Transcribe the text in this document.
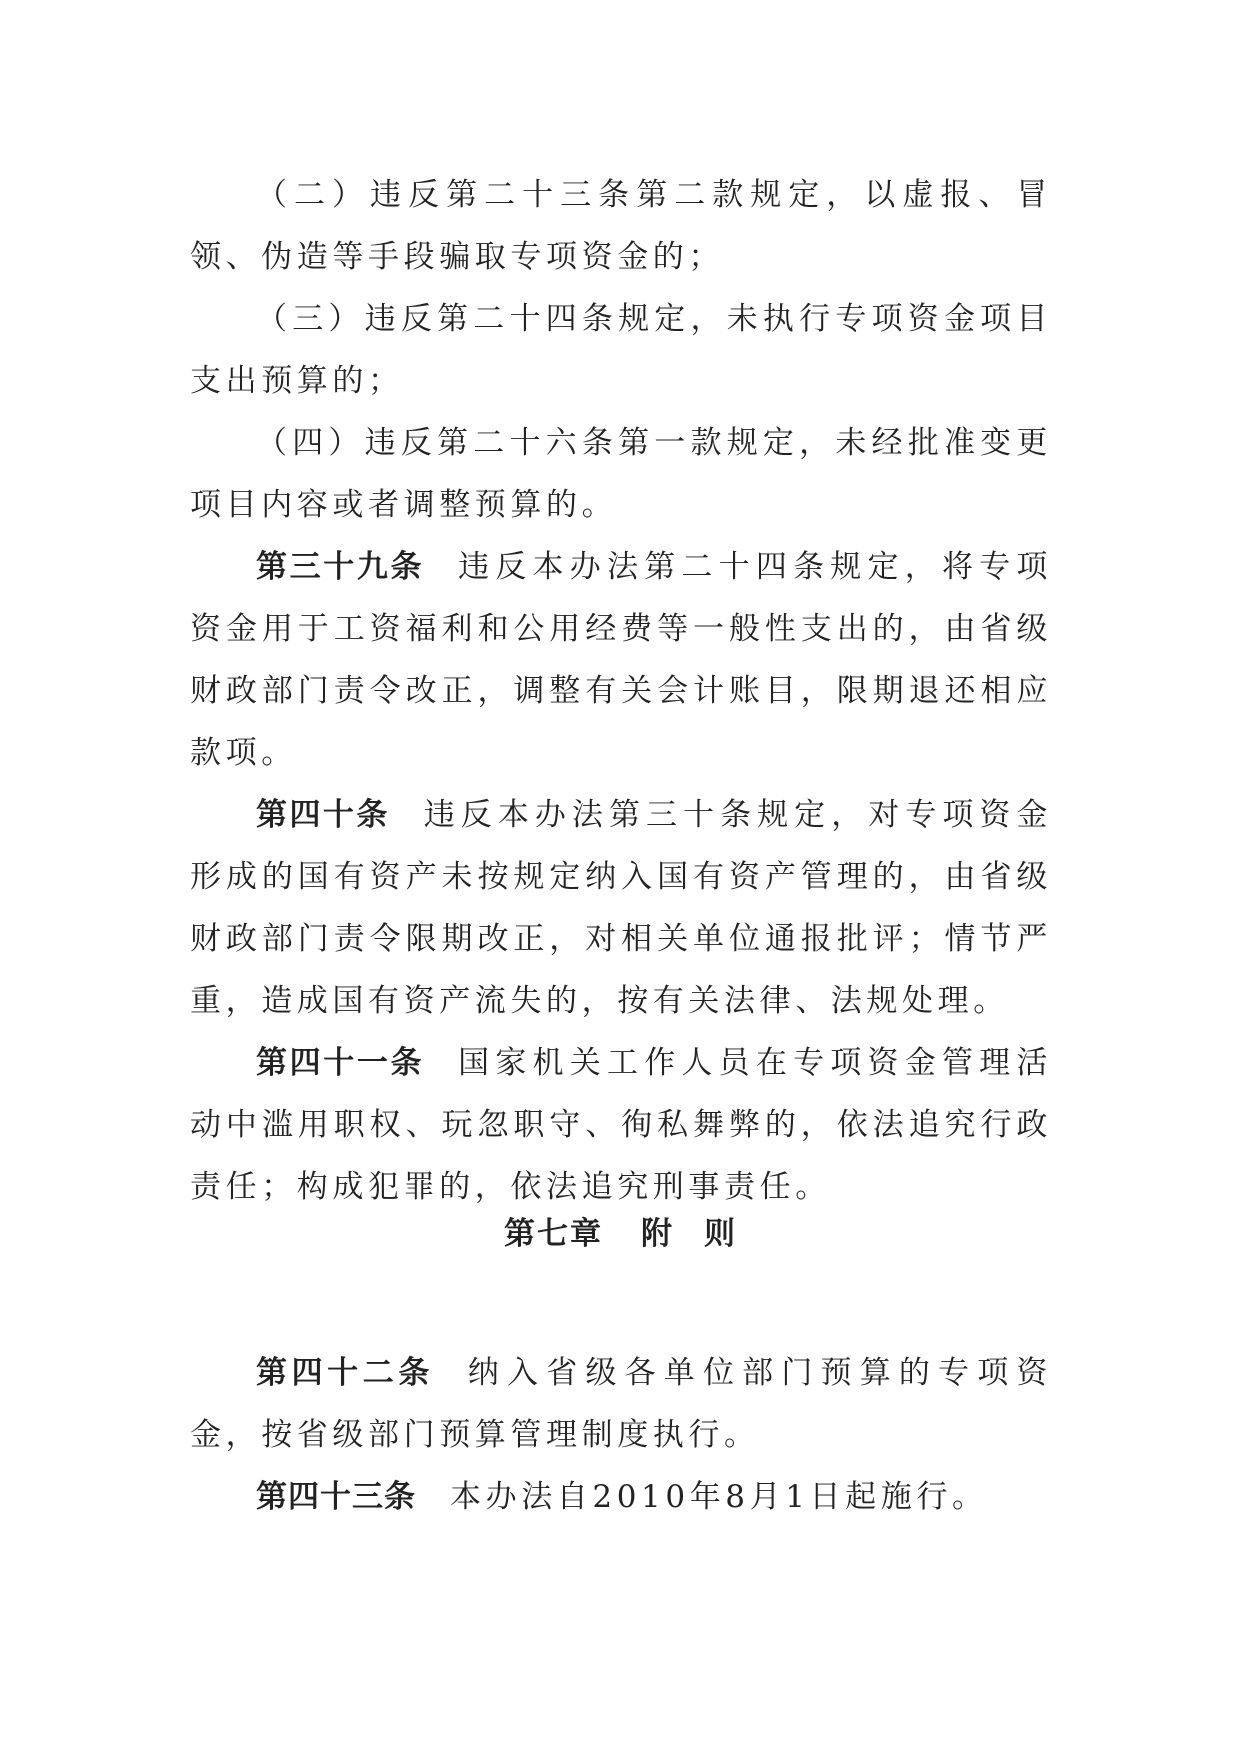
（二）违反第二十三条第二款规定，以虚报、冒领、伪造等手段骗取专项资金的；

（三）违反第二十四条规定，未执行专项资金项目支出预算的；

（四）违反第二十六条第一款规定，未经批准变更项目内容或者调整预算的。

第三十九条 违反本办法第二十四条规定，将专项资金用于工资福利和公用经费等一般性支出的，由省级财政部门责令改正，调整有关会计账目，限期退还相应款项。

第四十条 违反本办法第三十条规定，对专项资金形成的国有资产未按规定纳入国有资产管理的，由省级财政部门责令限期改正，对相关单位通报批评；情节严重，造成国有资产流失的，按有关法律、法规处理。

第四十一条 国家机关工作人员在专项资金管理活动中滥用职权、玩忽职守、徇私舞弊的，依法追究行政责任；构成犯罪的，依法追究刑事责任。

第七章 附 则

第四十二条 纳入省级各单位部门预算的专项资金，按省级部门预算管理制度执行。

第四十三条 本办法自2010年8月1日起施行。
